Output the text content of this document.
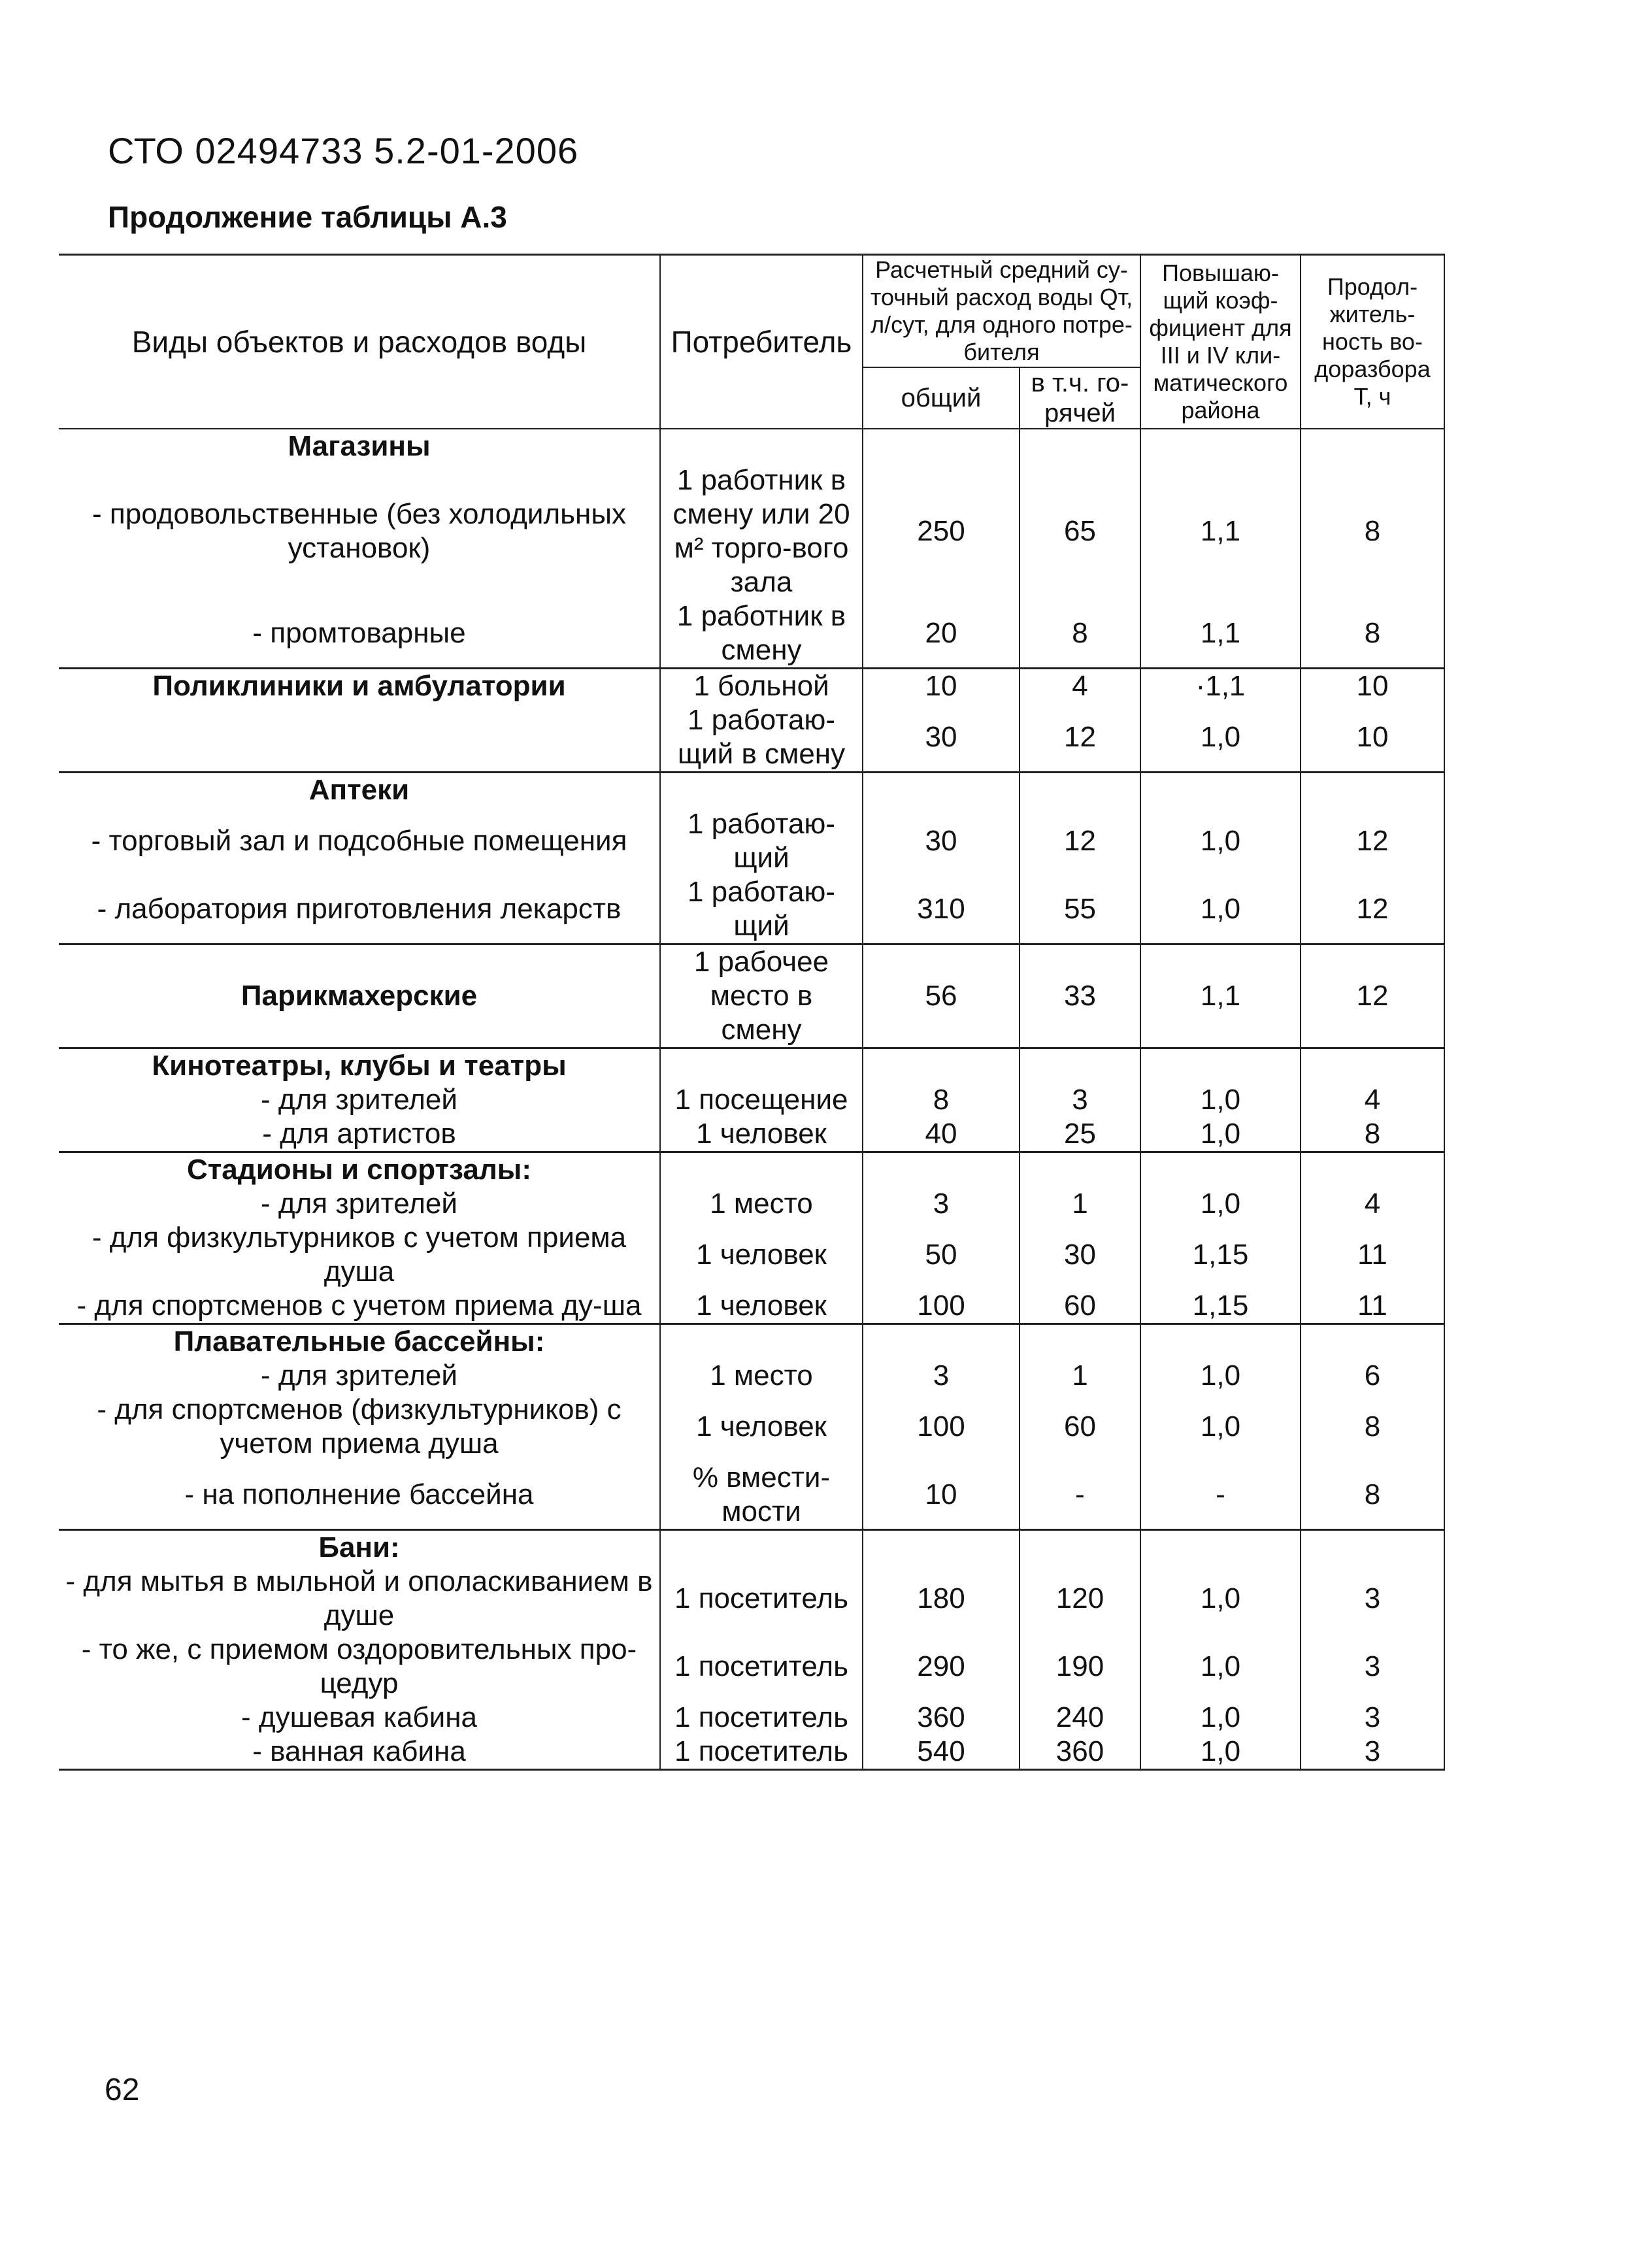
СТО 02494733 5.2-01-2006
Продолжение таблицы А.3
Виды объектов и расходов воды	Потребитель	Расчетный средний су-точный расход воды Qт, л/сут, для одного потре-бителя		Повышаю-щий коэф-фициент для III и IV кли-матического района	Продол-житель-ность во-доразбора Т, ч
		общий	в т.ч. го-рячей		
Магазины					

- продовольственные (без холодильных установок)	1 работник в смену или 20 м² торго-вого зала	250	65	1,1	8

- промтоварные	1 работник в смену	20	8	1,1	8
Поликлиники и амбулатории	1 больной	10	4	·1,1	10
	1 работаю-щий в смену	30	12	1,0	10
Аптеки					

- торговый зал и подсобные помещения	1 работаю-щий	30	12	1,0	12

- лаборатория приготовления лекарств	1 работаю-щий	310	55	1,0	12
Парикмахерские	1 рабочее место в смену	56	33	1,1	12
Кинотеатры, клубы и театры					

- для зрителей	1 посещение	8	3	1,0	4

- для артистов	1 человек	40	25	1,0	8
Стадионы и спортзалы:					

- для зрителей	1 место	3	1	1,0	4

- для физкультурников с учетом приема душа	1 человек	50	30	1,15	11

- для спортсменов с учетом приема ду-ша	1 человек	100	60	1,15	11
Плавательные бассейны:					

- для зрителей	1 место	3	1	1,0	6

- для спортсменов (физкультурников) с учетом приема душа	1 человек	100	60	1,0	8

- на пополнение бассейна	% вмести-мости	10	-	-	8
Бани:					

- для мытья в мыльной и ополаскиванием в душе	1 посетитель	180	120	1,0	3

- то же, с приемом оздоровительных про-цедур	1 посетитель	290	190	1,0	3

- душевая кабина	1 посетитель	360	240	1,0	3

- ванная кабина	1 посетитель	540	360	1,0	3
62
